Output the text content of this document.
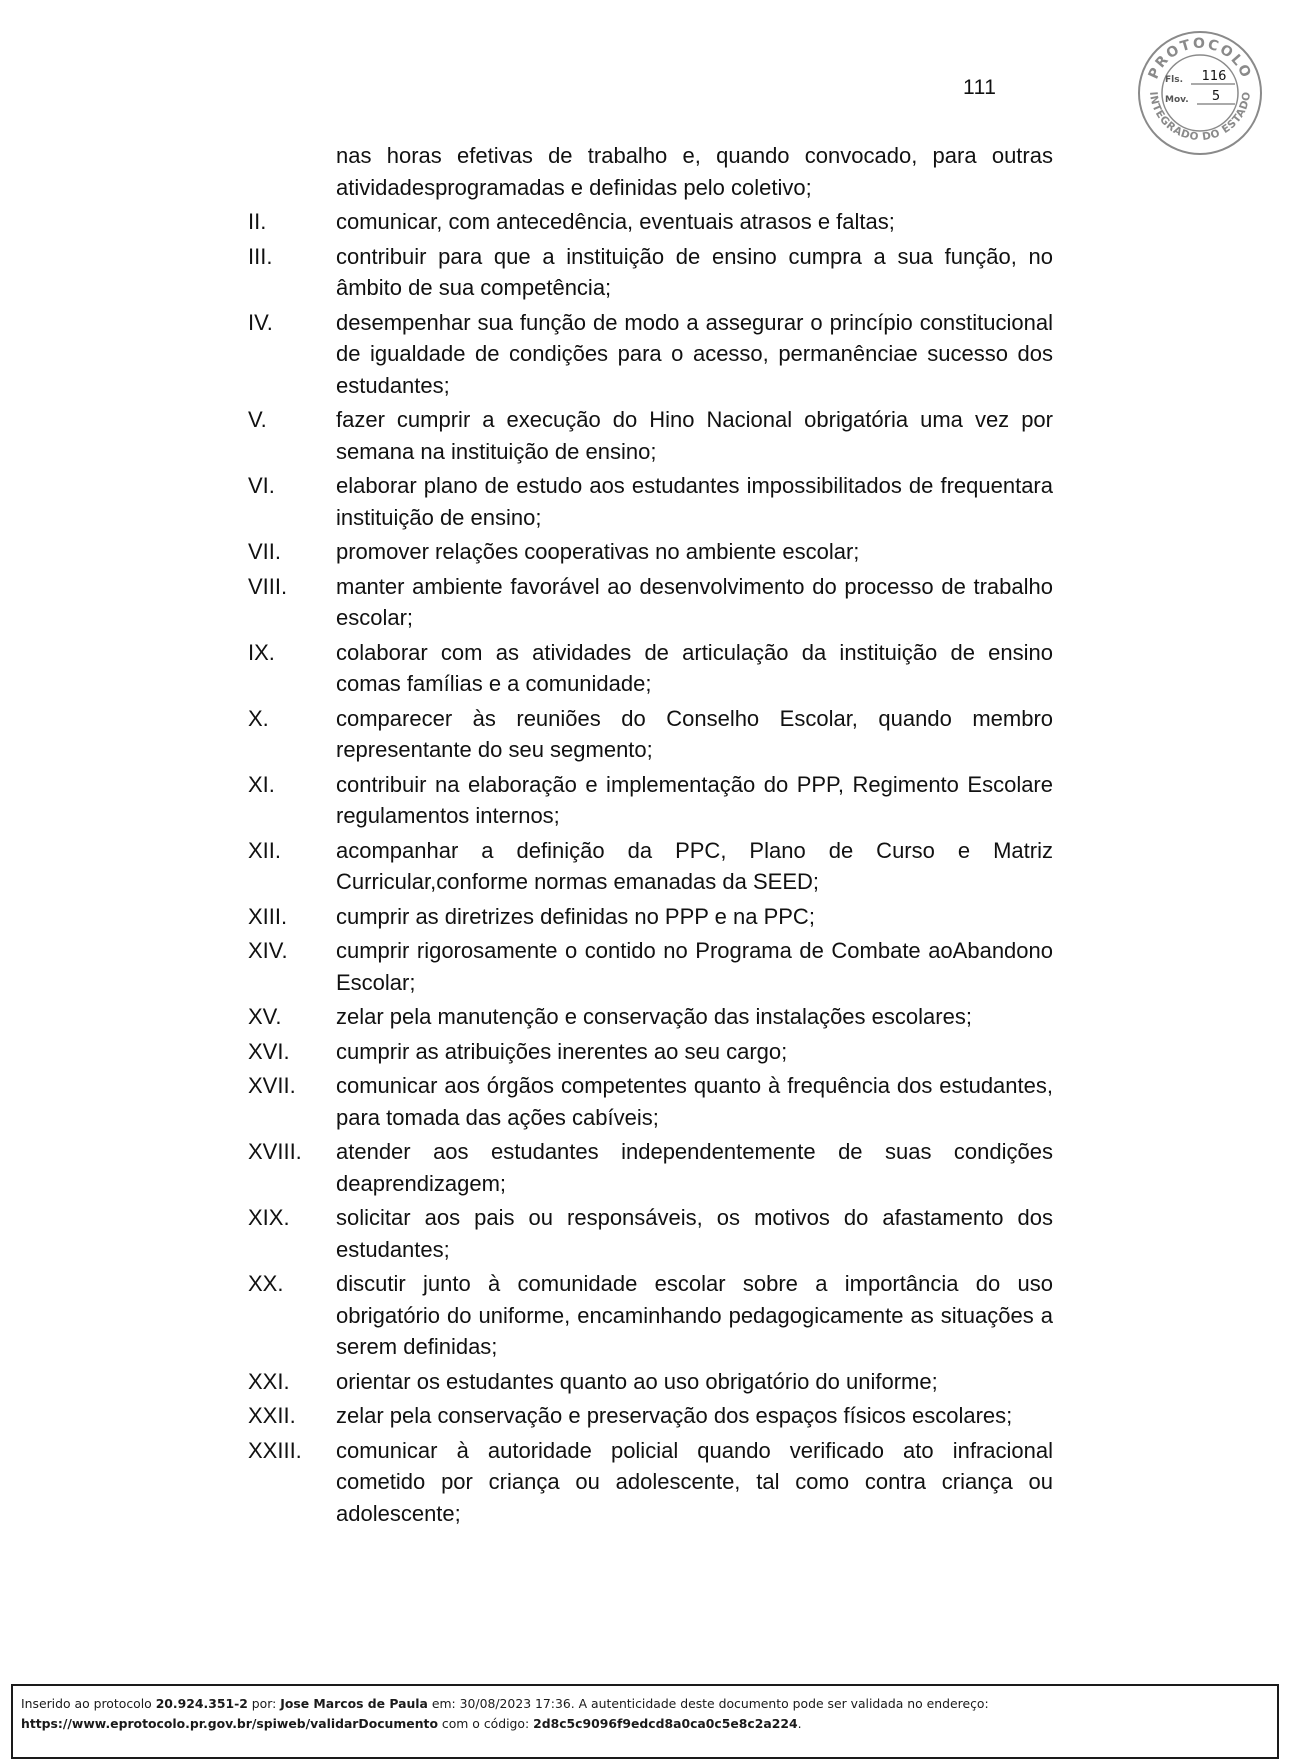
111
PROTOCOLO
INTEGRADO DO ESTADO
Fls. 116
Mov. 5
nas horas efetivas de trabalho e, quando convocado, para outras atividadesprogramadas e definidas pelo coletivo;
II.	comunicar, com antecedência, eventuais atrasos e faltas;
III.	contribuir para que a instituição de ensino cumpra a sua função, no âmbito de sua competência;
IV.	desempenhar sua função de modo a assegurar o princípio constitucional de igualdade de condições para o acesso, permanênciae sucesso dos estudantes;
V.	fazer cumprir a execução do Hino Nacional obrigatória uma vez por semana na instituição de ensino;
VI.	elaborar plano de estudo aos estudantes impossibilitados de frequentara instituição de ensino;
VII. promover relações cooperativas no ambiente escolar;
VIII. manter ambiente favorável ao desenvolvimento do processo de trabalho escolar;
IX.	colaborar com as atividades de articulação da instituição de ensino comas famílias e a comunidade;
X.	comparecer às reuniões do Conselho Escolar, quando membro representante do seu segmento;
XI.	contribuir na elaboração e implementação do PPP, Regimento Escolare regulamentos internos;
XII. acompanhar a definição da PPC, Plano de Curso e Matriz Curricular,conforme normas emanadas da SEED;
XIII. cumprir as diretrizes definidas no PPP e na PPC;
XIV. cumprir rigorosamente o contido no Programa de Combate aoAbandono Escolar;
XV. zelar pela manutenção e conservação das instalações escolares;
XVI. cumprir as atribuições inerentes ao seu cargo;
XVII. comunicar aos órgãos competentes quanto à frequência dos estudantes, para tomada das ações cabíveis;
XVIII. atender aos estudantes independentemente de suas condições deaprendizagem;
XIX. solicitar aos pais ou responsáveis, os motivos do afastamento dos estudantes;
XX. discutir junto à comunidade escolar sobre a importância do uso obrigatório do uniforme, encaminhando pedagogicamente as situações a serem definidas;
XXI. orientar os estudantes quanto ao uso obrigatório do uniforme;
XXII. zelar pela conservação e preservação dos espaços físicos escolares;
XXIII. comunicar à autoridade policial quando verificado ato infracional cometido por criança ou adolescente, tal como contra criança ou adolescente;
Inserido ao protocolo 20.924.351-2 por: Jose Marcos de Paula em: 30/08/2023 17:36. A autenticidade deste documento pode ser validada no endereço:
https://www.eprotocolo.pr.gov.br/spiweb/validarDocumento com o código: 2d8c5c9096f9edcd8a0ca0c5e8c2a224.
